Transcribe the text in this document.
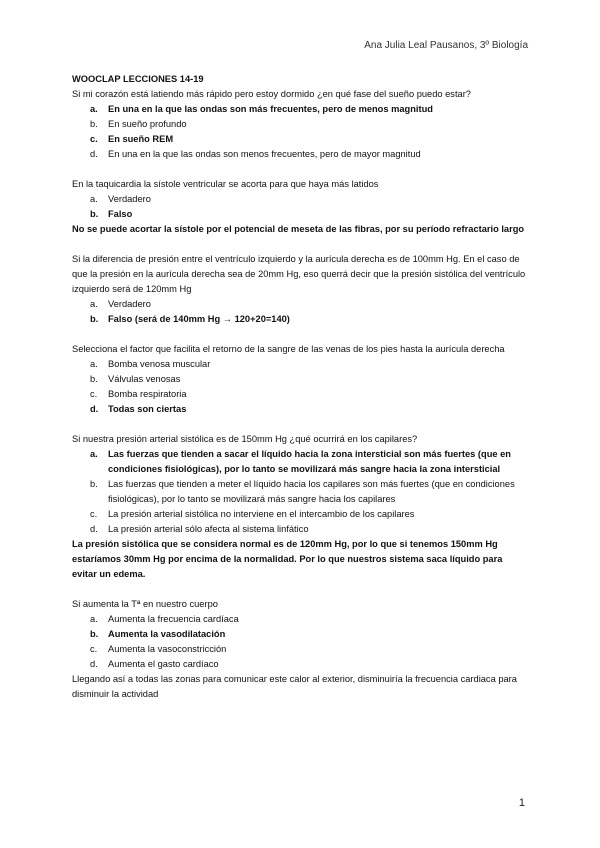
Ana Julia Leal Pausanos, 3º Biología
WOOCLAP LECCIONES 14-19
Si mi corazón está latiendo más rápido pero estoy dormido ¿en qué fase del sueño puedo estar?
a.	En una en la que las ondas son más frecuentes, pero de menos magnitud
b.	En sueño profundo
c.	En sueño REM
d.	En una en la que las ondas son menos frecuentes, pero de mayor magnitud
En la taquicardia la sístole ventricular se acorta para que haya más latidos
a.	Verdadero
b.	Falso
No se puede acortar la sístole por el potencial de meseta de las fibras, por su período refractario largo
Si la diferencia de presión entre el ventrículo izquierdo y la aurícula derecha es de 100mm Hg. En el caso de que la presión en la aurícula derecha sea de 20mm Hg, eso querrá decir que la presión sistólica del ventrículo izquierdo será de 120mm Hg
a.	Verdadero
b.	Falso (será de 140mm Hg → 120+20=140)
Selecciona el factor que facilita el retorno de la sangre de las venas de los pies hasta la aurícula derecha
a.	Bomba venosa muscular
b.	Válvulas venosas
c.	Bomba respiratoria
d.	Todas son ciertas
Si nuestra presión arterial sistólica es de 150mm Hg ¿qué ocurrirá en los capilares?
a.	Las fuerzas que tienden a sacar el líquido hacia la zona intersticial son más fuertes (que en condiciones fisiológicas), por lo tanto se movilizará más sangre hacia la zona intersticial
b.	Las fuerzas que tienden a meter el líquido hacia los capilares son más fuertes (que en condiciones fisiológicas), por lo tanto se movilizará más sangre hacia los capilares
c.	La presión arterial sistólica no interviene en el intercambio de los capilares
d.	La presión arterial sólo afecta al sistema linfático
La presión sistólica que se considera normal es de 120mm Hg, por lo que si tenemos 150mm Hg estaríamos 30mm Hg por encima de la normalidad. Por lo que nuestros sistema saca líquido para evitar un edema.
Si aumenta la Tª en nuestro cuerpo
a.	Aumenta la frecuencia cardíaca
b.	Aumenta la vasodilatación
c.	Aumenta la vasoconstricción
d.	Aumenta el gasto cardíaco
Llegando así a todas las zonas para comunicar este calor al exterior, disminuiría la frecuencia cardiaca para disminuir la actividad
1
